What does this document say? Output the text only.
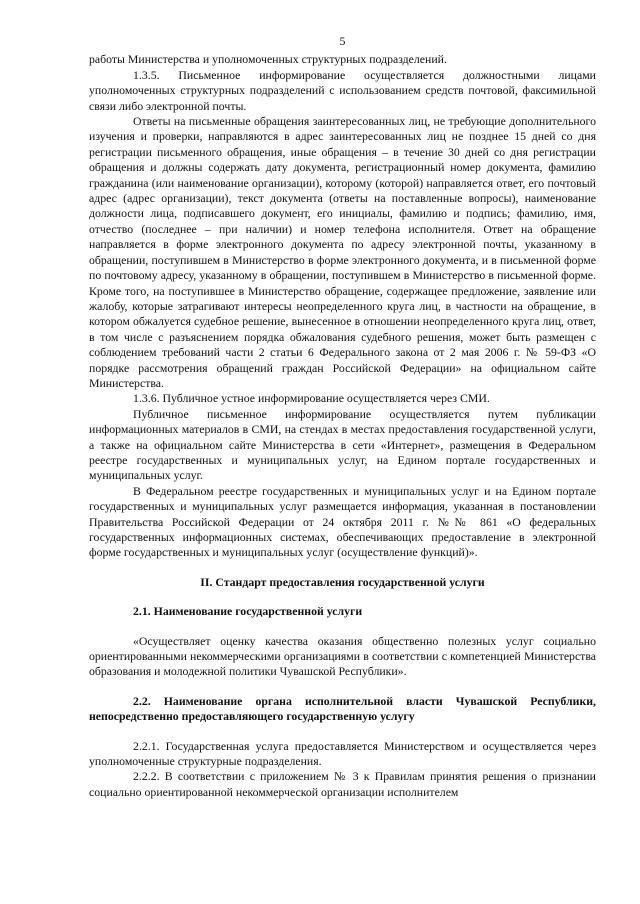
5

работы Министерства и уполномоченных структурных подразделений.

1.3.5. Письменное информирование осуществляется должностными лицами уполномоченных структурных подразделений с использованием средств почтовой, факсимильной связи либо электронной почты.

Ответы на письменные обращения заинтересованных лиц, не требующие дополнительного изучения и проверки, направляются в адрес заинтересованных лиц не позднее 15 дней со дня регистрации письменного обращения, иные обращения – в течение 30 дней со дня регистрации обращения и должны содержать дату документа, регистрационный номер документа, фамилию гражданина (или наименование организации), которому (которой) направляется ответ, его почтовый адрес (адрес организации), текст документа (ответы на поставленные вопросы), наименование должности лица, подписавшего документ, его инициалы, фамилию и подпись; фамилию, имя, отчество (последнее – при наличии) и номер телефона исполнителя. Ответ на обращение направляется в форме электронного документа по адресу электронной почты, указанному в обращении, поступившем в Министерство в форме электронного документа, и в письменной форме по почтовому адресу, указанному в обращении, поступившем в Министерство в письменной форме. Кроме того, на поступившее в Министерство обращение, содержащее предложение, заявление или жалобу, которые затрагивают интересы неопределенного круга лиц, в частности на обращение, в котором обжалуется судебное решение, вынесенное в отношении неопределенного круга лиц, ответ, в том числе с разъяснением порядка обжалования судебного решения, может быть размещен с соблюдением требований части 2 статьи 6 Федерального закона от 2 мая 2006 г. № 59-ФЗ «О порядке рассмотрения обращений граждан Российской Федерации» на официальном сайте Министерства.

1.3.6. Публичное устное информирование осуществляется через СМИ.

Публичное письменное информирование осуществляется путем публикации информационных материалов в СМИ, на стендах в местах предоставления государственной услуги, а также на официальном сайте Министерства в сети «Интернет», размещения в Федеральном реестре государственных и муниципальных услуг, на Едином портале государственных и муниципальных услуг.

В Федеральном реестре государственных и муниципальных услуг и на Едином портале государственных и муниципальных услуг размещается информация, указанная в постановлении Правительства Российской Федерации от 24 октября 2011 г. №№ 861 «О федеральных государственных информационных системах, обеспечивающих предоставление в электронной форме государственных и муниципальных услуг (осуществление функций)».

II. Стандарт предоставления государственной услуги

2.1. Наименование государственной услуги

«Осуществляет оценку качества оказания общественно полезных услуг социально ориентированными некоммерческими организациями в соответствии с компетенцией Министерства образования и молодежной политики Чувашской Республики».

2.2. Наименование органа исполнительной власти Чувашской Республики, непосредственно предоставляющего государственную услугу

2.2.1. Государственная услуга предоставляется Министерством и осуществляется через уполномоченные структурные подразделения.

2.2.2. В соответствии с приложением № 3 к Правилам принятия решения о признании социально ориентированной некоммерческой организации исполнителем
